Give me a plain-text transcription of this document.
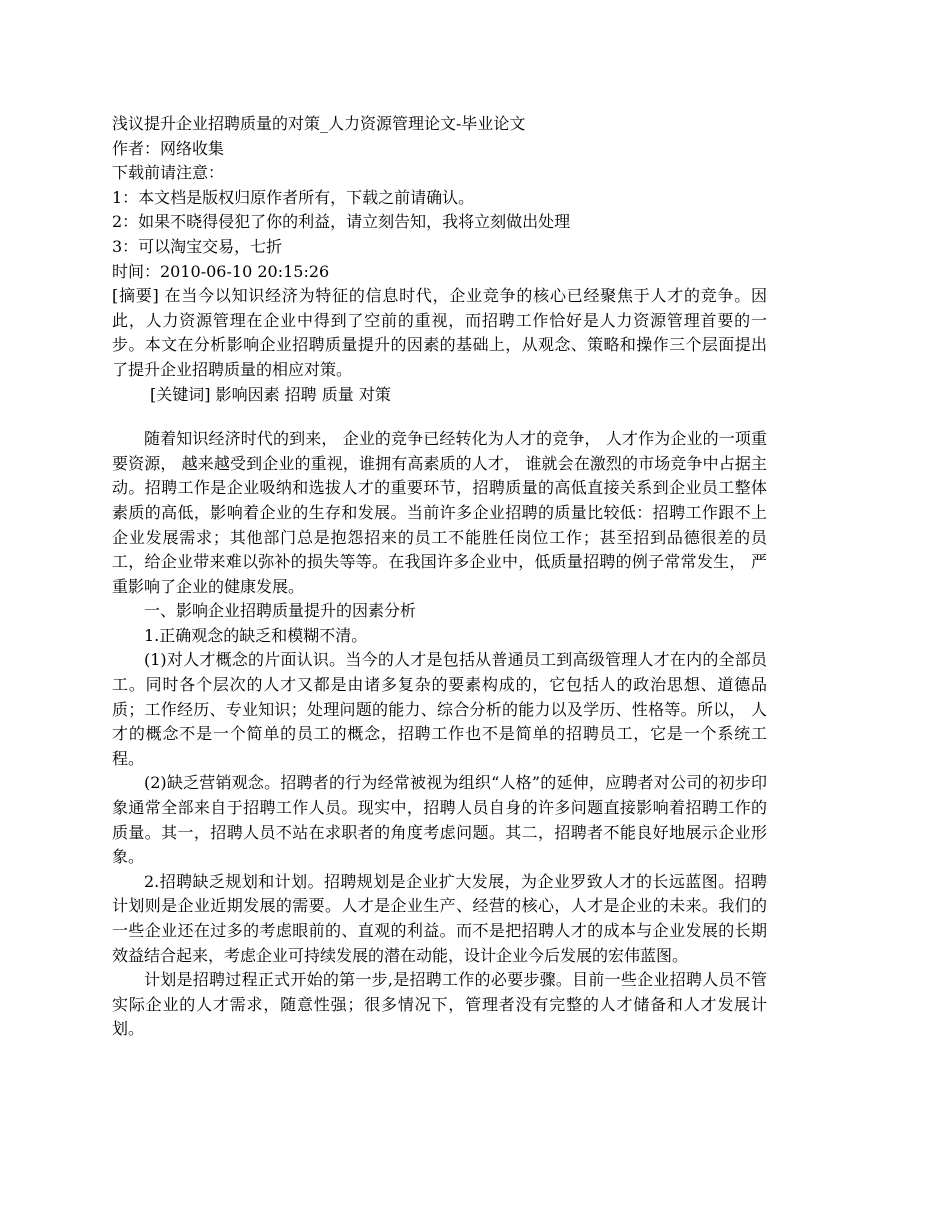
浅议提升企业招聘质量的对策_人力资源管理论文-毕业论文
作者：网络收集
下载前请注意：
1：本文档是版权归原作者所有，下载之前请确认。
2：如果不晓得侵犯了你的利益，请立刻告知，我将立刻做出处理
3：可以淘宝交易，七折
时间：2010-06-10 20:15:26

[摘要] 在当今以知识经济为特征的信息时代，企业竞争的核心已经聚焦于人才的竞争。因此，人力资源管理在企业中得到了空前的重视，而招聘工作恰好是人力资源管理首要的一步。本文在分析影响企业招聘质量提升的因素的基础上，从观念、策略和操作三个层面提出了提升企业招聘质量的相应对策。

[关键词] 影响因素 招聘 质量 对策

随着知识经济时代的到来， 企业的竞争已经转化为人才的竞争， 人才作为企业的一项重要资源， 越来越受到企业的重视，谁拥有高素质的人才， 谁就会在激烈的市场竞争中占据主动。招聘工作是企业吸纳和选拔人才的重要环节，招聘质量的高低直接关系到企业员工整体素质的高低，影响着企业的生存和发展。当前许多企业招聘的质量比较低：招聘工作跟不上企业发展需求；其他部门总是抱怨招来的员工不能胜任岗位工作；甚至招到品德很差的员工，给企业带来难以弥补的损失等等。在我国许多企业中，低质量招聘的例子常常发生， 严重影响了企业的健康发展。

一、影响企业招聘质量提升的因素分析

1.正确观念的缺乏和模糊不清。

(1)对人才概念的片面认识。当今的人才是包括从普通员工到高级管理人才在内的全部员工。同时各个层次的人才又都是由诸多复杂的要素构成的，它包括人的政治思想、道德品质；工作经历、专业知识；处理问题的能力、综合分析的能力以及学历、性格等。所以， 人才的概念不是一个简单的员工的概念，招聘工作也不是简单的招聘员工，它是一个系统工程。

(2)缺乏营销观念。招聘者的行为经常被视为组织“人格”的延伸，应聘者对公司的初步印象通常全部来自于招聘工作人员。现实中，招聘人员自身的许多问题直接影响着招聘工作的质量。其一，招聘人员不站在求职者的角度考虑问题。其二，招聘者不能良好地展示企业形象。

2.招聘缺乏规划和计划。招聘规划是企业扩大发展，为企业罗致人才的长远蓝图。招聘计划则是企业近期发展的需要。人才是企业生产、经营的核心，人才是企业的未来。我们的一些企业还在过多的考虑眼前的、直观的利益。而不是把招聘人才的成本与企业发展的长期效益结合起来，考虑企业可持续发展的潜在动能，设计企业今后发展的宏伟蓝图。

计划是招聘过程正式开始的第一步,是招聘工作的必要步骤。目前一些企业招聘人员不管实际企业的人才需求，随意性强；很多情况下，管理者没有完整的人才储备和人才发展计划。
